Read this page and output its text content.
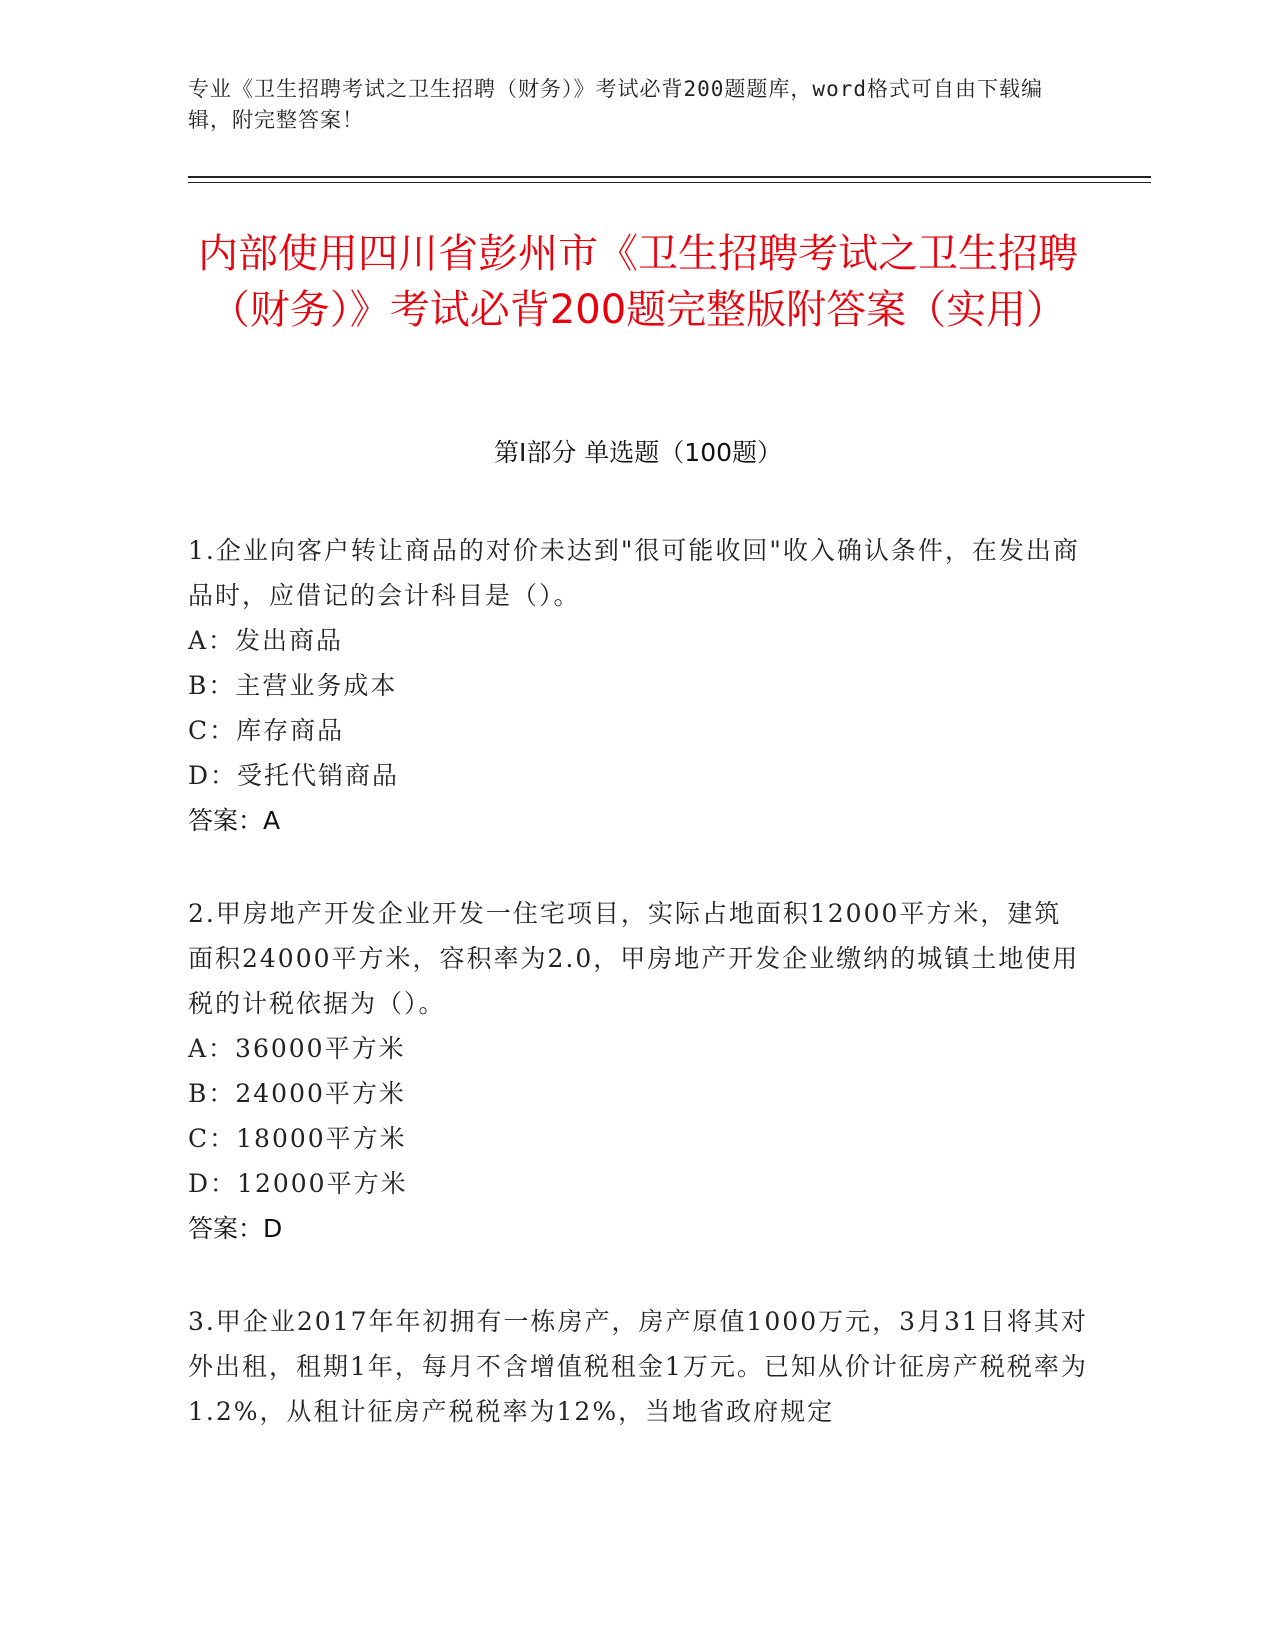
专业《卫生招聘考试之卫生招聘（财务）》考试必背200题题库，word格式可自由下载编辑，附完整答案！
内部使用四川省彭州市《卫生招聘考试之卫生招聘（财务）》考试必背200题完整版附答案（实用）
第I部分 单选题（100题）
1.企业向客户转让商品的对价未达到"很可能收回"收入确认条件，在发出商品时，应借记的会计科目是（）。
A：发出商品
B：主营业务成本
C：库存商品
D：受托代销商品
答案：A
2.甲房地产开发企业开发一住宅项目，实际占地面积12000平方米，建筑面积24000平方米，容积率为2.0，甲房地产开发企业缴纳的城镇土地使用税的计税依据为（）。
A：36000平方米
B：24000平方米
C：18000平方米
D：12000平方米
答案：D
3.甲企业2017年年初拥有一栋房产，房产原值1000万元，3月31日将其对外出租，租期1年，每月不含增值税租金1万元。已知从价计征房产税税率为1.2%，从租计征房产税税率为12%，当地省政府规定
